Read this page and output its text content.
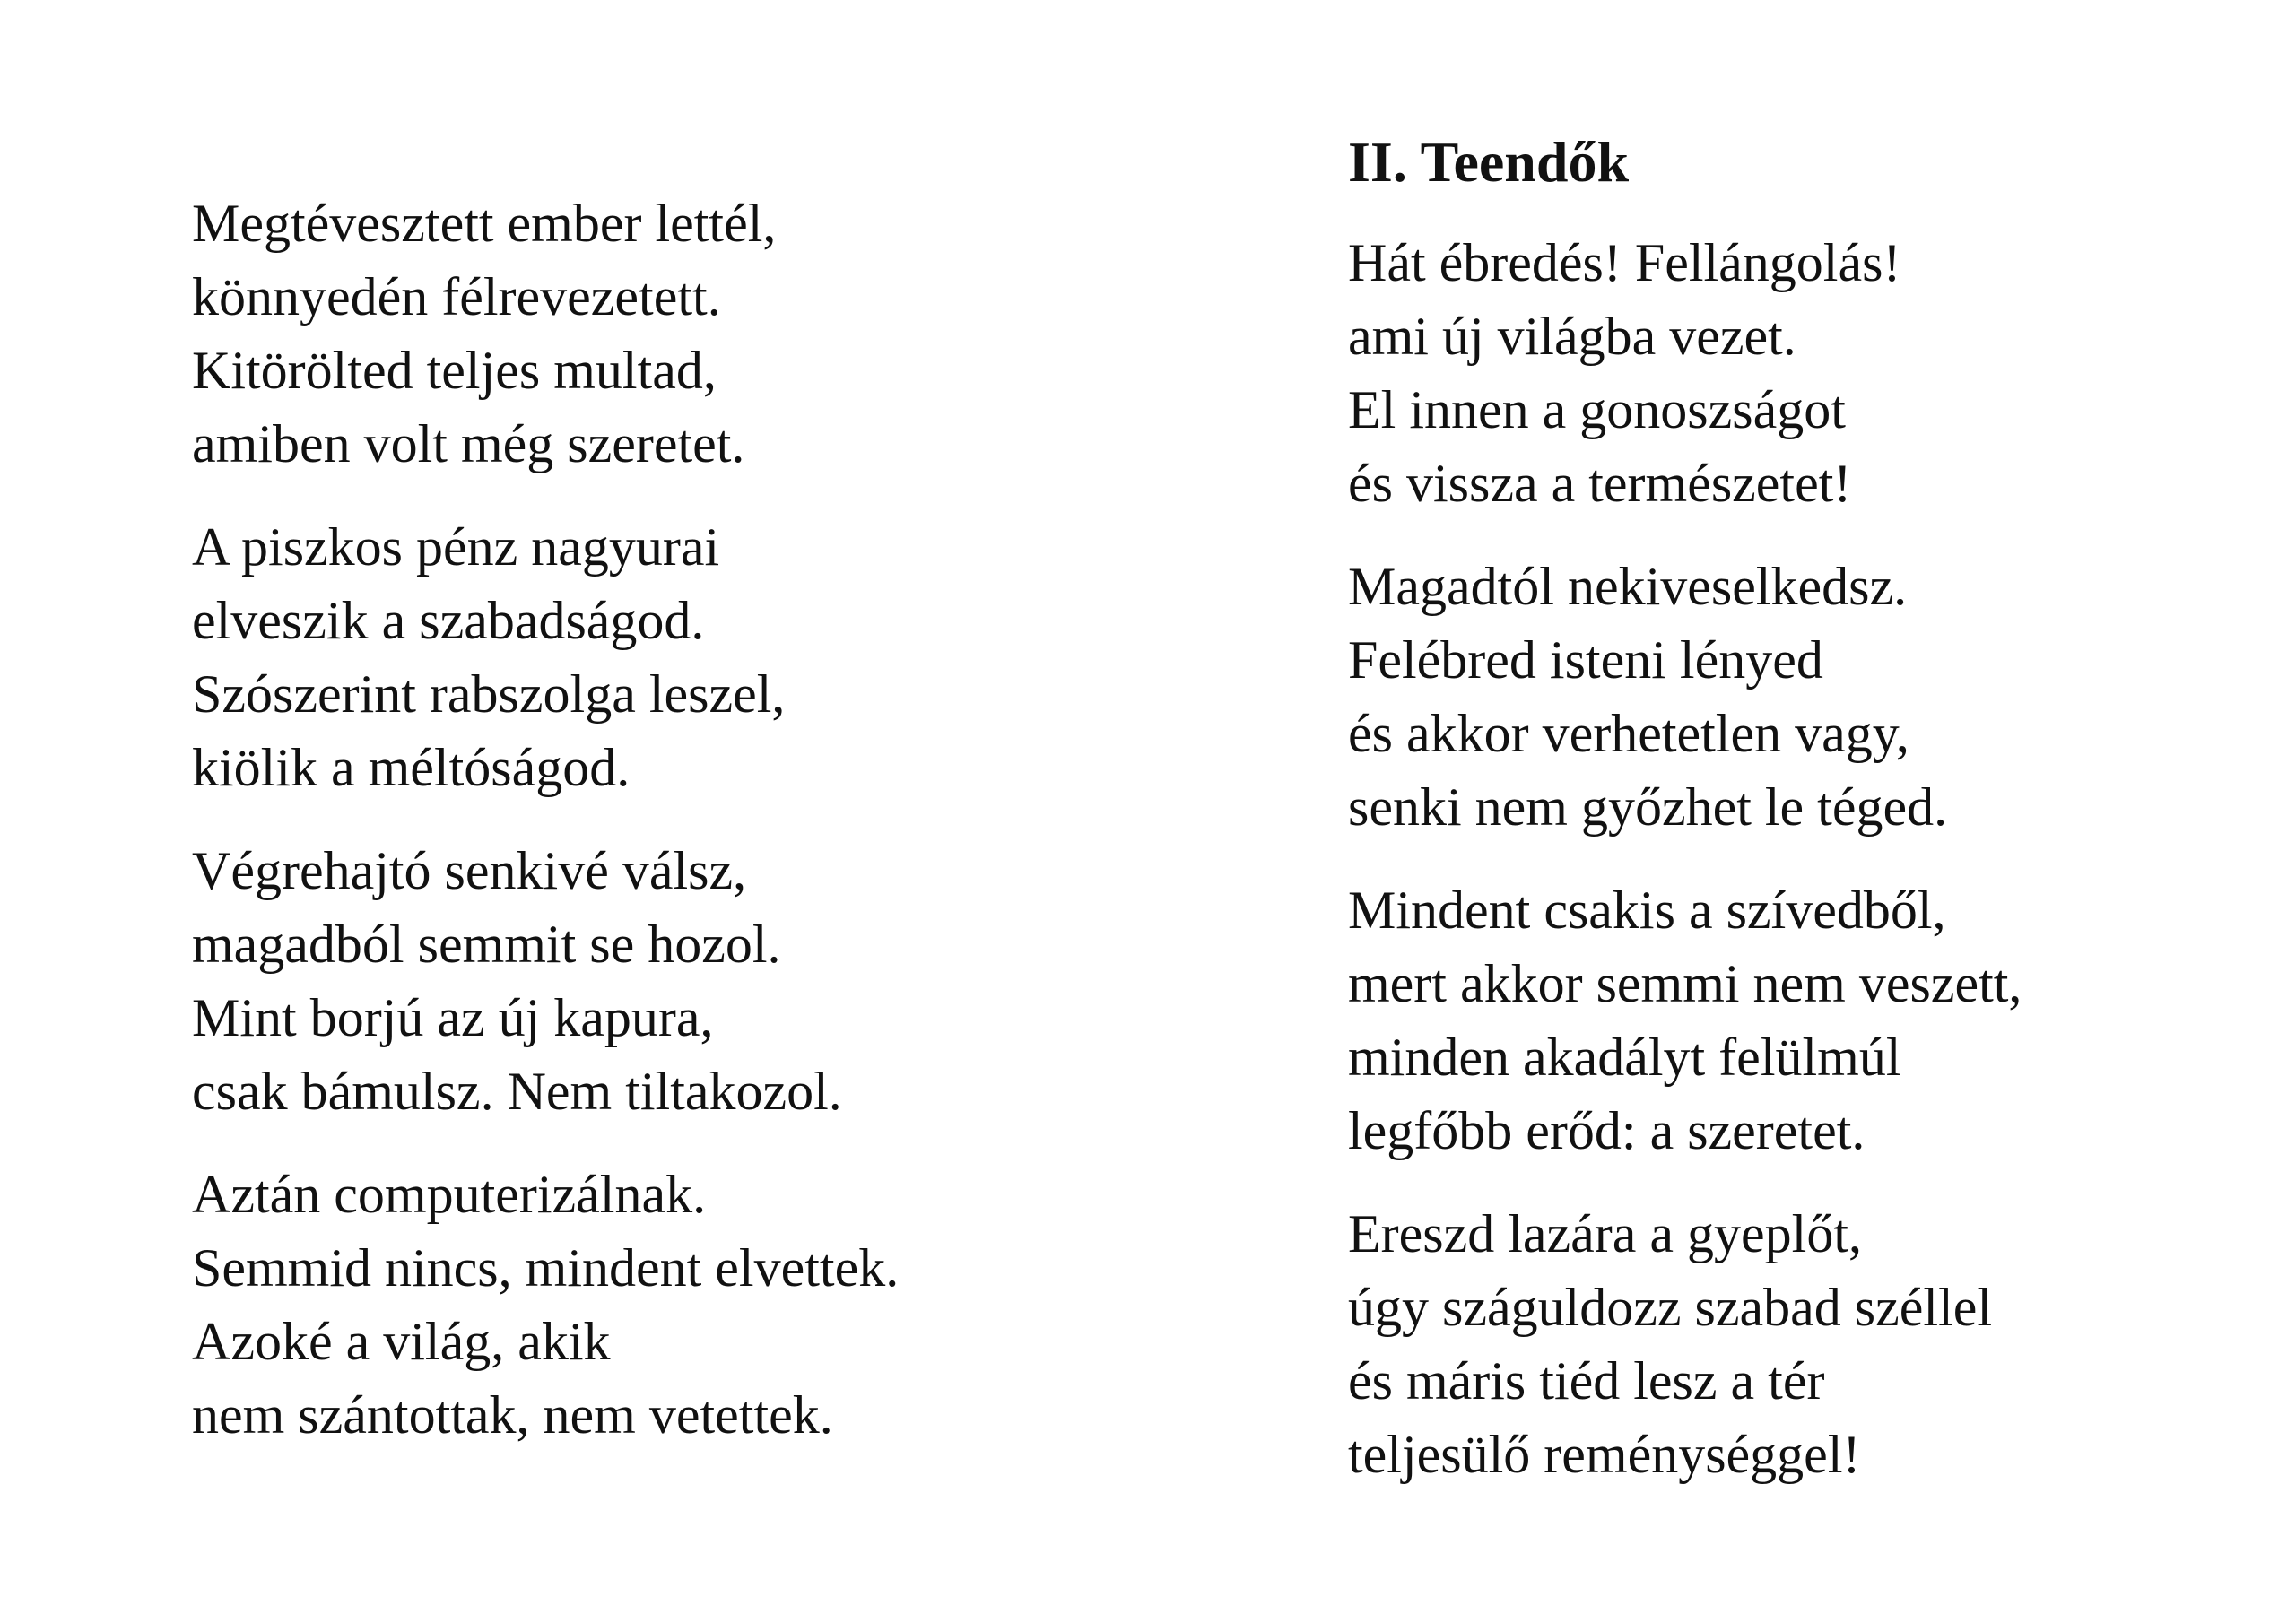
Megtévesztett ember lettél,
könnyedén félrevezetett.
Kitörölted teljes multad,
amiben volt még szeretet.
A piszkos pénz nagyurai
elveszik a szabadságod.
Szószerint rabszolga leszel,
kiölik a méltóságod.
Végrehajtó senkivé válsz,
magadból semmit se hozol.
Mint borjú az új kapura,
csak bámulsz. Nem tiltakozol.
Aztán computerizálnak.
Semmid nincs, mindent elvettek.
Azoké a világ, akik
nem szántottak, nem vetettek.
II. Teendők
Hát ébredés! Fellángolás!
ami új világba vezet.
El innen a gonoszságot
és vissza a természetet!
Magadtól nekiveselkedsz.
Felébred isteni lényed
és akkor verhetetlen vagy,
senki nem győzhet le téged.
Mindent csakis a szívedből,
mert akkor semmi nem veszett,
minden akadályt felülmúl
legfőbb erőd: a szeretet.
Ereszd lazára a gyeplőt,
úgy száguldozz szabad széllel
és máris tiéd lesz a tér
teljesülő reménységgel!
